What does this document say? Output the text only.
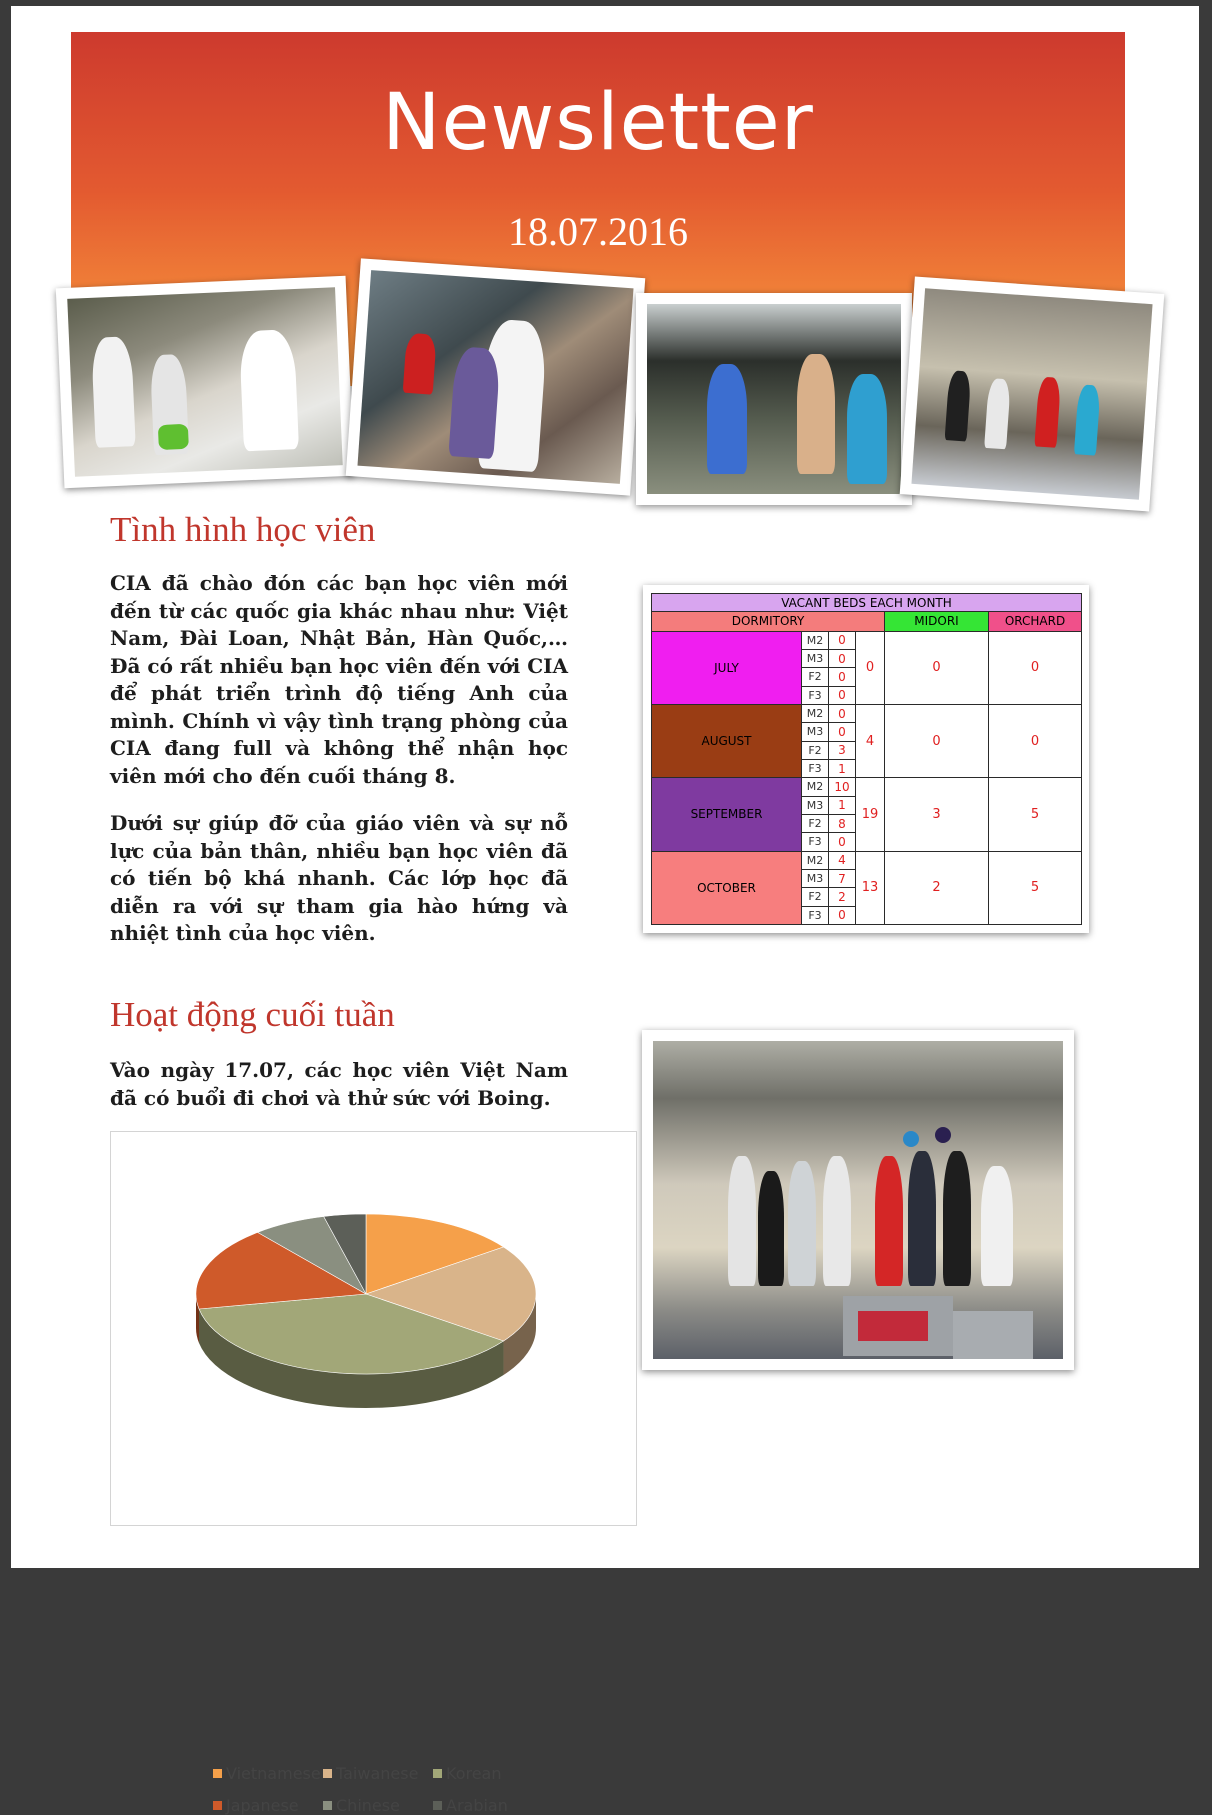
Newsletter
18.07.2016
Tình hình học viên

CIA đã chào đón các bạn học viên mới đến từ các quốc gia khác nhau như: Việt Nam, Đài Loan, Nhật Bản, Hàn Quốc,… Đã có rất nhiều bạn học viên đến với CIA để phát triển trình độ tiếng Anh của mình. Chính vì vậy tình trạng phòng của CIA đang full và không thể nhận học viên mới cho đến cuối tháng 8.

Dưới sự giúp đỡ của giáo viên và sự nỗ lực của bản thân, nhiều bạn học viên đã có tiến bộ khá nhanh. Các lớp học đã diễn ra với sự tham gia hào hứng và nhiệt tình của học viên.

VACANT BEDS EACH MONTH					
DORMITORY				MIDORI	ORCHARD
JULY	M2	0	0	0	0
	M3	0			
	F2	0			
	F3	0			
AUGUST	M2	0	4	0	0
	M3	0			
	F2	3			
	F3	1			
SEPTEMBER	M2	10	19	3	5
	M3	1			
	F2	8			
	F3	0			
OCTOBER	M2	4	13	2	5
	M3	7			
	F2	2			
	F3	0			
Hoạt động cuối tuần

Vào ngày 17.07, các học viên Việt Nam đã có buổi đi chơi và thử sức với Boing.

Vietnamese Taiwanese	Korean
Japanese	Chinese	Arabian
